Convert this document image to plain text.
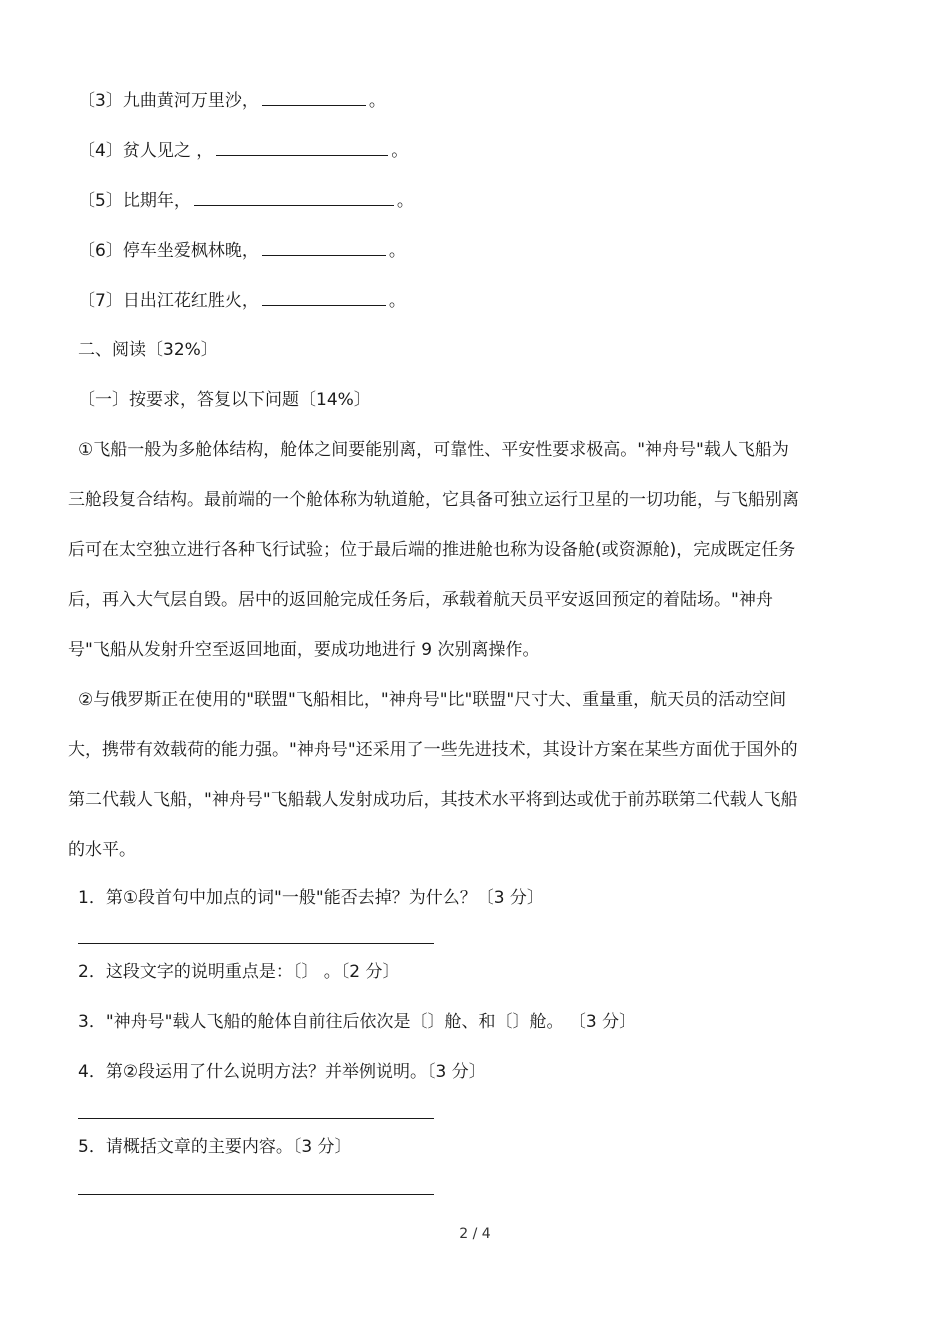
〔3〕九曲黄河万里沙，	。
〔4〕贫人见之 ，	。
〔5〕比期年，	。
〔6〕停车坐爱枫林晚，	。
〔7〕日出江花红胜火，	。
二、阅读〔32%〕
〔一〕按要求，答复以下问题〔14%〕
①飞船一般为多舱体结构，舱体之间要能别离，可靠性、平安性要求极高。"神舟号"载人飞船为
三舱段复合结构。最前端的一个舱体称为轨道舱，它具备可独立运行卫星的一切功能，与飞船别离
后可在太空独立进行各种飞行试验；位于最后端的推进舱也称为设备舱(或资源舱)，完成既定任务
后，再入大气层自毁。居中的返回舱完成任务后，承载着航天员平安返回预定的着陆场。"神舟
号"飞船从发射升空至返回地面，要成功地进行 9 次别离操作。
②与俄罗斯正在使用的"联盟"飞船相比，"神舟号"比"联盟"尺寸大、重量重，航天员的活动空间
大，携带有效载荷的能力强。"神舟号"还采用了一些先进技术，其设计方案在某些方面优于国外的
第二代载人飞船，"神舟号"飞船载人发射成功后，其技术水平将到达或优于前苏联第二代载人飞船
的水平。
1．第①段首句中加点的词"一般"能否去掉？为什么？〔3 分〕
2．这段文字的说明重点是：〔〕 。〔2 分〕
3．"神舟号"载人飞船的舱体自前往后依次是〔〕舱、和〔〕舱。 〔3 分〕
4．第②段运用了什么说明方法？并举例说明。〔3 分〕
5．请概括文章的主要内容。〔3 分〕
2 / 4
